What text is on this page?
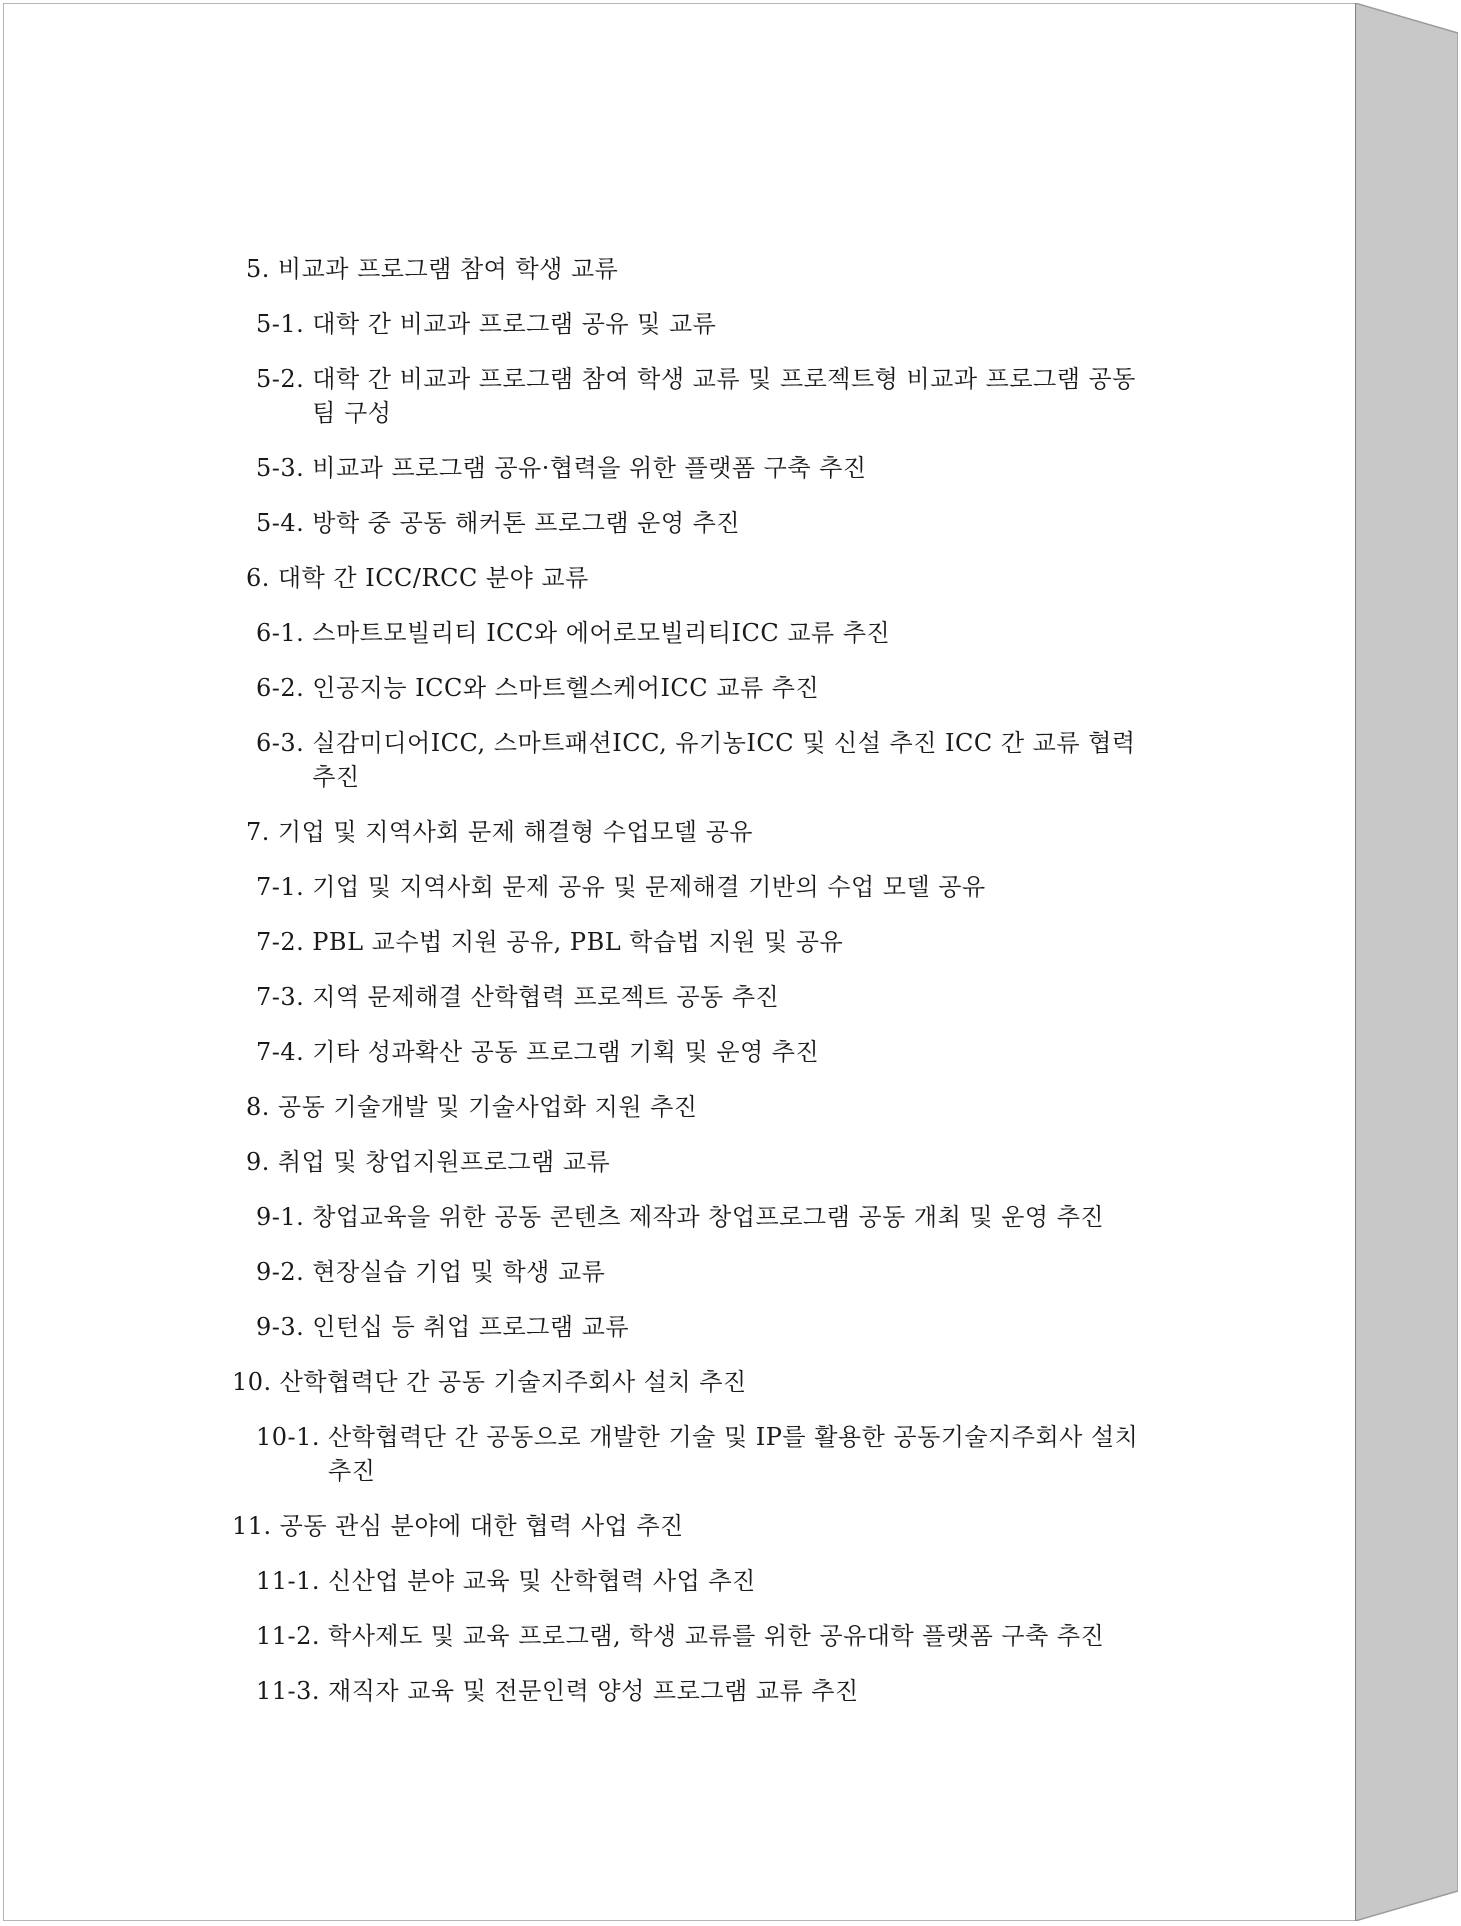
5. 비교과 프로그램 참여 학생 교류
5-1. 대학 간 비교과 프로그램 공유 및 교류
5-2. 대학 간 비교과 프로그램 참여 학생 교류 및 프로젝트형 비교과 프로그램 공동 팀 구성
5-3. 비교과 프로그램 공유·협력을 위한 플랫폼 구축 추진
5-4. 방학 중 공동 해커톤 프로그램 운영 추진
6. 대학 간 ICC/RCC 분야 교류
6-1. 스마트모빌리티 ICC와 에어로모빌리티ICC 교류 추진
6-2. 인공지능 ICC와 스마트헬스케어ICC 교류 추진
6-3. 실감미디어ICC, 스마트패션ICC, 유기농ICC 및 신설 추진 ICC 간 교류 협력 추진
7. 기업 및 지역사회 문제 해결형 수업모델 공유
7-1. 기업 및 지역사회 문제 공유 및 문제해결 기반의 수업 모델 공유
7-2. PBL 교수법 지원 공유, PBL 학습법 지원 및 공유
7-3. 지역 문제해결 산학협력 프로젝트 공동 추진
7-4. 기타 성과확산 공동 프로그램 기획 및 운영 추진
8. 공동 기술개발 및 기술사업화 지원 추진
9. 취업 및 창업지원프로그램 교류
9-1. 창업교육을 위한 공동 콘텐츠 제작과 창업프로그램 공동 개최 및 운영 추진
9-2. 현장실습 기업 및 학생 교류
9-3. 인턴십 등 취업 프로그램 교류
10. 산학협력단 간 공동 기술지주회사 설치 추진
10-1. 산학협력단 간 공동으로 개발한 기술 및 IP를 활용한 공동기술지주회사 설치 추진
11. 공동 관심 분야에 대한 협력 사업 추진
11-1. 신산업 분야 교육 및 산학협력 사업 추진
11-2. 학사제도 및 교육 프로그램, 학생 교류를 위한 공유대학 플랫폼 구축 추진
11-3. 재직자 교육 및 전문인력 양성 프로그램 교류 추진
